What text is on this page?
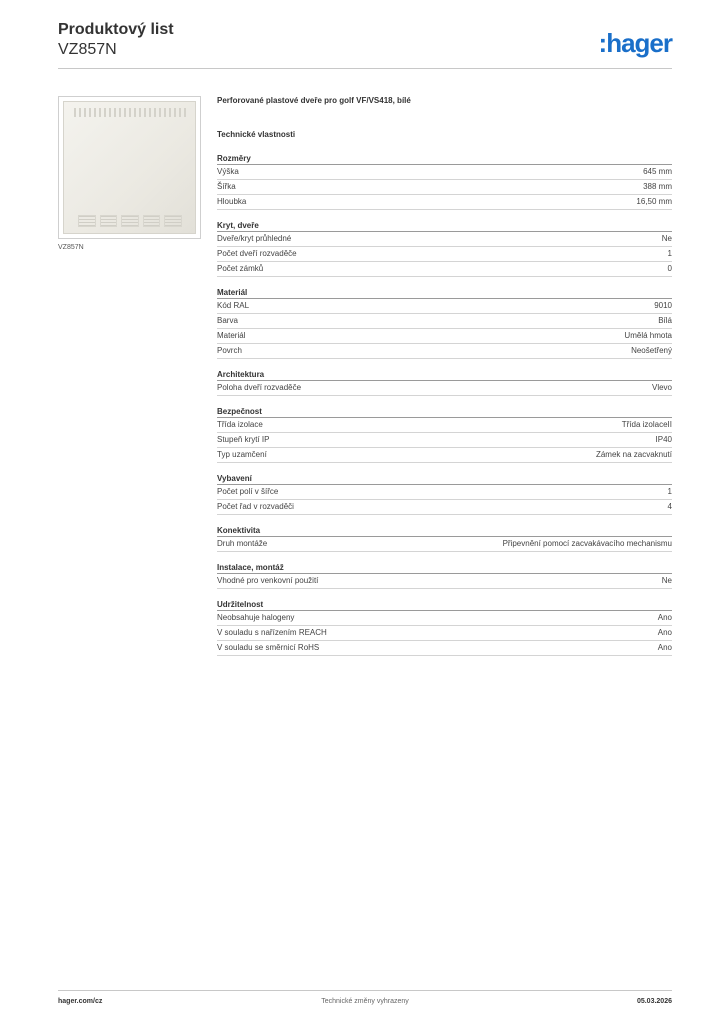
Produktový list
VZ857N	:hager
VZ857N
Perforované plastové dveře pro golf VF/VS418, bílé
Technické vlastnosti
Rozměry
Výška	645 mm
Šířka	388 mm
Hloubka	16,50 mm
Kryt, dveře
Dveře/kryt průhledné	Ne
Počet dveří rozvaděče	1
Počet zámků	0
Materiál
Kód RAL	9010
Barva	Bílá
Materiál	Umělá hmota
Povrch	Neošetřený
Architektura
Poloha dveří rozvaděče	Vlevo
Bezpečnost
Třída izolace	Třída izolaceII
Stupeň krytí IP	IP40
Typ uzamčení	Zámek na zacvaknutí
Vybavení
Počet polí v šířce	1
Počet řad v rozvaděči	4
Konektivita
Druh montáže	Připevnění pomocí zacvakávacího mechanismu
Instalace, montáž
Vhodné pro venkovní použití	Ne
Udržitelnost
Neobsahuje halogeny	Ano
V souladu s nařízením REACH	Ano
V souladu se směrnicí RoHS	Ano
hager.com/cz	Technické změny vyhrazeny	05.03.2026
